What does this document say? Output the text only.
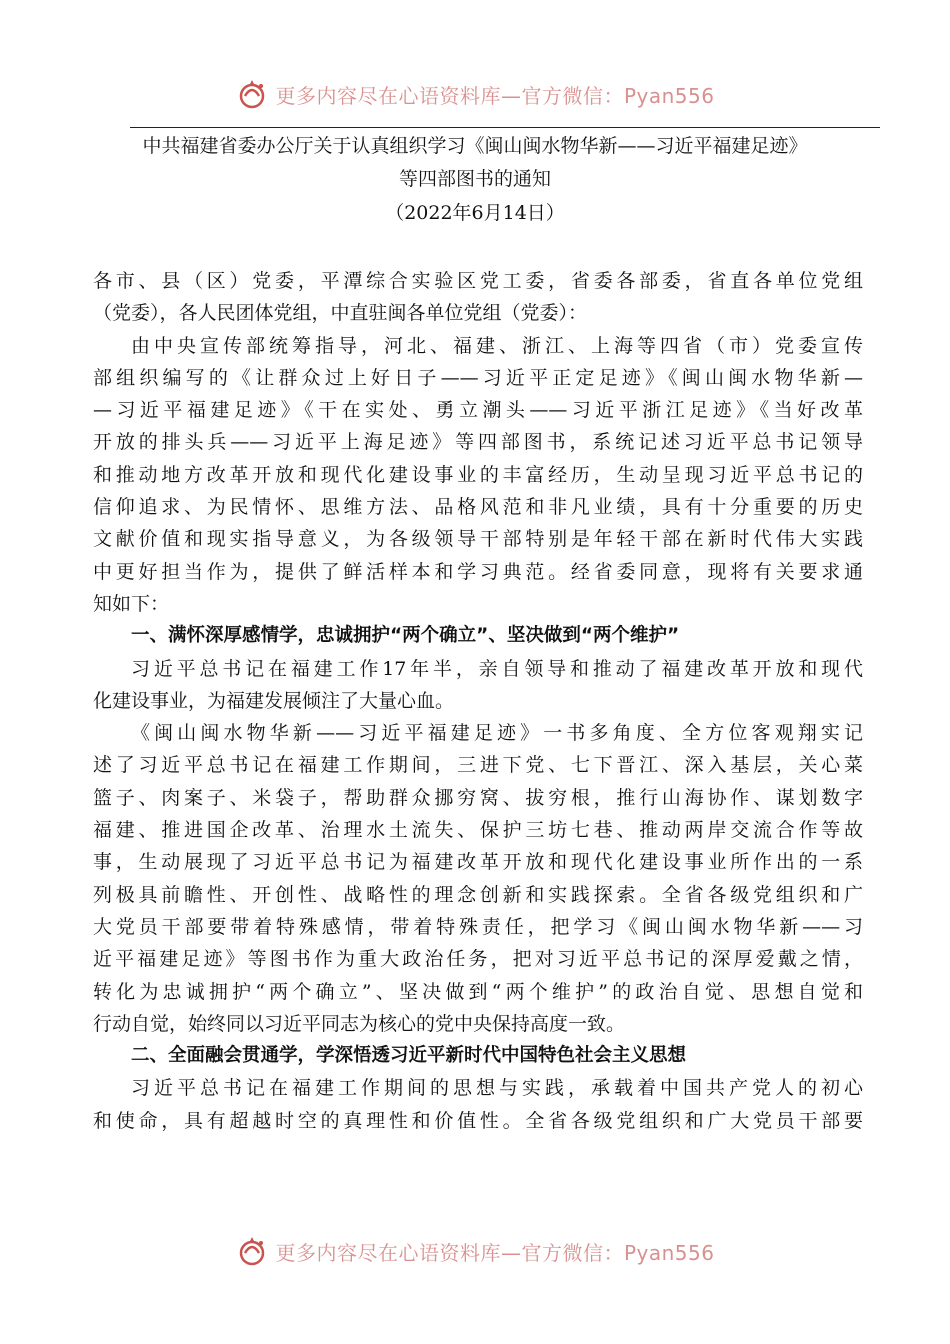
更多内容尽在心语资料库—官方微信：Pyan556
中共福建省委办公厅关于认真组织学习《闽山闽水物华新——习近平福建足迹》
等四部图书的通知
（2022年6月14日）
各市、县（区）党委，平潭综合实验区党工委，省委各部委，省直各单位党组
（党委），各人民团体党组，中直驻闽各单位党组（党委）：
由中央宣传部统筹指导，河北、福建、浙江、上海等四省（市）党委宣传
部组织编写的《让群众过上好日子——习近平正定足迹》《闽山闽水物华新—
—习近平福建足迹》《干在实处、勇立潮头——习近平浙江足迹》《当好改革
开放的排头兵——习近平上海足迹》等四部图书，系统记述习近平总书记领导
和推动地方改革开放和现代化建设事业的丰富经历，生动呈现习近平总书记的
信仰追求、为民情怀、思维方法、品格风范和非凡业绩，具有十分重要的历史
文献价值和现实指导意义，为各级领导干部特别是年轻干部在新时代伟大实践
中更好担当作为，提供了鲜活样本和学习典范。经省委同意，现将有关要求通
知如下：
一、满怀深厚感情学，忠诚拥护“两个确立”、坚决做到“两个维护”
习近平总书记在福建工作17年半，亲自领导和推动了福建改革开放和现代
化建设事业，为福建发展倾注了大量心血。
《闽山闽水物华新——习近平福建足迹》一书多角度、全方位客观翔实记
述了习近平总书记在福建工作期间，三进下党、七下晋江、深入基层，关心菜
篮子、肉案子、米袋子，帮助群众挪穷窝、拔穷根，推行山海协作、谋划数字
福建、推进国企改革、治理水土流失、保护三坊七巷、推动两岸交流合作等故
事，生动展现了习近平总书记为福建改革开放和现代化建设事业所作出的一系
列极具前瞻性、开创性、战略性的理念创新和实践探索。全省各级党组织和广
大党员干部要带着特殊感情，带着特殊责任，把学习《闽山闽水物华新——习
近平福建足迹》等图书作为重大政治任务，把对习近平总书记的深厚爱戴之情，
转化为忠诚拥护“两个确立”、坚决做到“两个维护”的政治自觉、思想自觉和
行动自觉，始终同以习近平同志为核心的党中央保持高度一致。
二、全面融会贯通学，学深悟透习近平新时代中国特色社会主义思想
习近平总书记在福建工作期间的思想与实践，承载着中国共产党人的初心
和使命，具有超越时空的真理性和价值性。全省各级党组织和广大党员干部要
更多内容尽在心语资料库—官方微信：Pyan556
